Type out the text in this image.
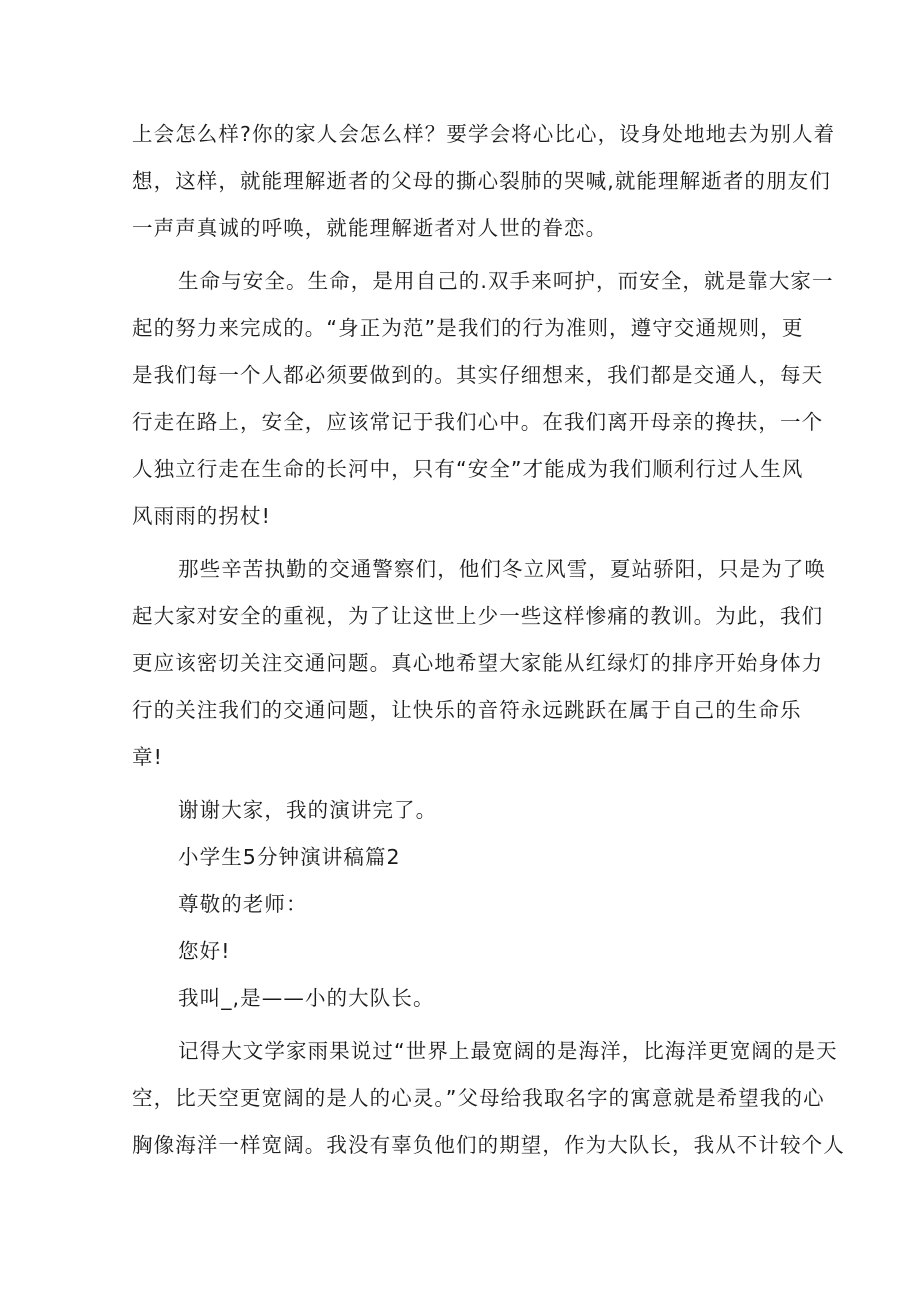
上会怎么样?你的家人会怎么样？要学会将心比心，设身处地地去为别人着

想，这样，就能理解逝者的父母的撕心裂肺的哭喊,就能理解逝者的朋友们

一声声真诚的呼唤，就能理解逝者对人世的眷恋。

生命与安全。生命，是用自己的.双手来呵护，而安全，就是靠大家一

起的努力来完成的。“身正为范”是我们的行为准则，遵守交通规则，更

是我们每一个人都必须要做到的。其实仔细想来，我们都是交通人，每天

行走在路上，安全，应该常记于我们心中。在我们离开母亲的搀扶，一个

人独立行走在生命的长河中，只有“安全”才能成为我们顺利行过人生风

风雨雨的拐杖!

那些辛苦执勤的交通警察们，他们冬立风雪，夏站骄阳，只是为了唤

起大家对安全的重视，为了让这世上少一些这样惨痛的教训。为此，我们

更应该密切关注交通问题。真心地希望大家能从红绿灯的排序开始身体力

行的关注我们的交通问题，让快乐的音符永远跳跃在属于自己的生命乐

章!

谢谢大家，我的演讲完了。

小学生5分钟演讲稿篇2

尊敬的老师：

您好!

我叫_,是——小的大队长。

记得大文学家雨果说过“世界上最宽阔的是海洋，比海洋更宽阔的是天

空，比天空更宽阔的是人的心灵。”父母给我取名字的寓意就是希望我的心

胸像海洋一样宽阔。我没有辜负他们的期望，作为大队长，我从不计较个人
